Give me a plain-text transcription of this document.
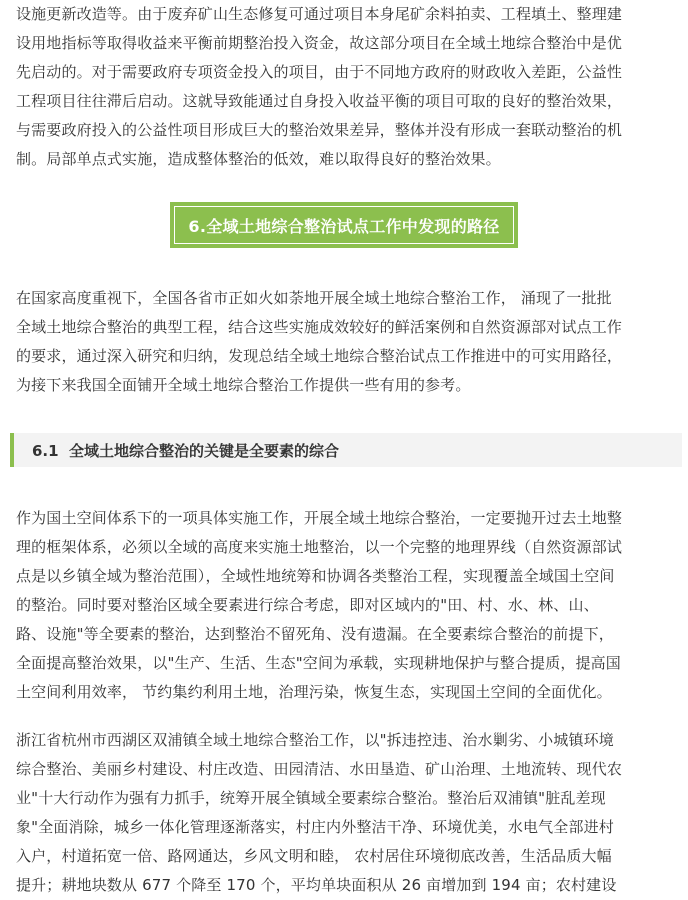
设施更新改造等。由于废弃矿山生态修复可通过项目本身尾矿余料拍卖、工程填土、整理建
设用地指标等取得收益来平衡前期整治投入资金，故这部分项目在全域土地综合整治中是优
先启动的。对于需要政府专项资金投入的项目，由于不同地方政府的财政收入差距，公益性
工程项目往往滞后启动。这就导致能通过自身投入收益平衡的项目可取的良好的整治效果，
与需要政府投入的公益性项目形成巨大的整治效果差异，整体并没有形成一套联动整治的机
制。局部单点式实施，造成整体整治的低效，难以取得良好的整治效果。
6.全域土地综合整治试点工作中发现的路径
在国家高度重视下，全国各省市正如火如荼地开展全域土地综合整治工作， 涌现了一批批
全域土地综合整治的典型工程，结合这些实施成效较好的鲜活案例和自然资源部对试点工作
的要求，通过深入研究和归纳，发现总结全域土地综合整治试点工作推进中的可实用路径，
为接下来我国全面铺开全域土地综合整治工作提供一些有用的参考。
6.1  全域土地综合整治的关键是全要素的综合
作为国土空间体系下的一项具体实施工作，开展全域土地综合整治，一定要抛开过去土地整
理的框架体系，必须以全域的高度来实施土地整治，以一个完整的地理界线（自然资源部试
点是以乡镇全域为整治范围），全域性地统筹和协调各类整治工程，实现覆盖全域国土空间
的整治。同时要对整治区域全要素进行综合考虑，即对区域内的"田、村、水、林、山、
路、设施"等全要素的整治，达到整治不留死角、没有遗漏。在全要素综合整治的前提下，
全面提高整治效果，以"生产、生活、生态"空间为承载，实现耕地保护与整合提质，提高国
土空间利用效率， 节约集约利用土地，治理污染，恢复生态，实现国土空间的全面优化。
浙江省杭州市西湖区双浦镇全域土地综合整治工作，以"拆违控违、治水剿劣、小城镇环境
综合整治、美丽乡村建设、村庄改造、田园清洁、水田垦造、矿山治理、土地流转、现代农
业"十大行动作为强有力抓手，统筹开展全镇域全要素综合整治。整治后双浦镇"脏乱差现
象"全面消除，城乡一体化管理逐渐落实，村庄内外整洁干净、环境优美，水电气全部进村
入户，村道拓宽一倍、路网通达，乡风文明和睦， 农村居住环境彻底改善，生活品质大幅
提升；耕地块数从 677 个降至 170 个，平均单块面积从 26 亩增加到 194 亩；农村建设
